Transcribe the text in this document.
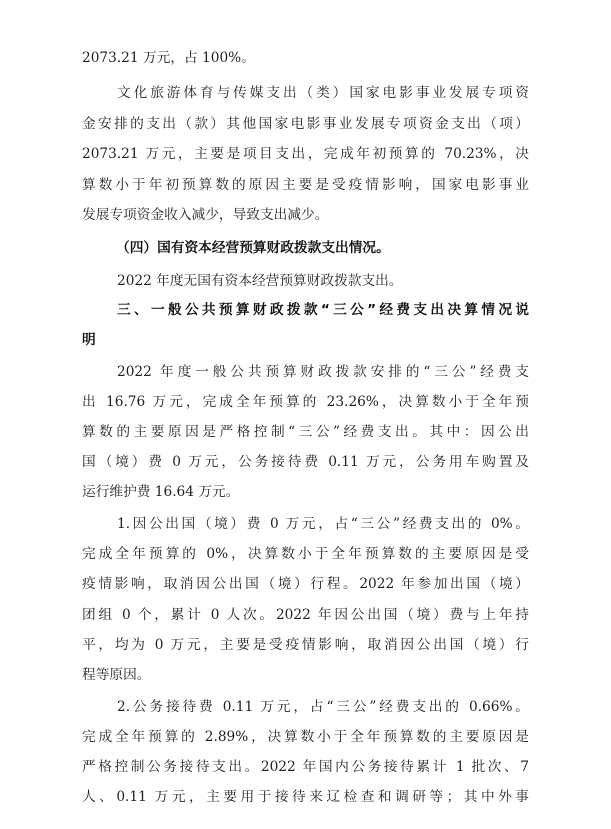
2073.21 万元，占 100%。
文化旅游体育与传媒支出（类）国家电影事业发展专项资
金安排的支出（款）其他国家电影事业发展专项资金支出（项）
2073.21 万元，主要是项目支出，完成年初预算的 70.23%，决
算数小于年初预算数的原因主要是受疫情影响，国家电影事业
发展专项资金收入减少，导致支出减少。
（四）国有资本经营预算财政拨款支出情况。
2022 年度无国有资本经营预算财政拨款支出。
三、一般公共预算财政拨款“三公”经费支出决算情况说
明
2022 年度一般公共预算财政拨款安排的“三公”经费支
出 16.76 万元，完成全年预算的 23.26%，决算数小于全年预
算数的主要原因是严格控制“三公”经费支出。其中：因公出
国（境）费 0 万元，公务接待费 0.11 万元，公务用车购置及
运行维护费 16.64 万元。
1.因公出国（境）费 0 万元，占“三公”经费支出的 0%。
完成全年预算的 0%，决算数小于全年预算数的主要原因是受
疫情影响，取消因公出国（境）行程。2022 年参加出国（境）
团组 0 个，累计 0 人次。2022 年因公出国（境）费与上年持
平，均为 0 万元，主要是受疫情影响，取消因公出国（境）行
程等原因。
2.公务接待费 0.11 万元，占“三公”经费支出的 0.66%。
完成全年预算的 2.89%，决算数小于全年预算数的主要原因是
严格控制公务接待支出。2022 年国内公务接待累计 1 批次、7
人、0.11 万元，主要用于接待来辽检查和调研等；其中外事
